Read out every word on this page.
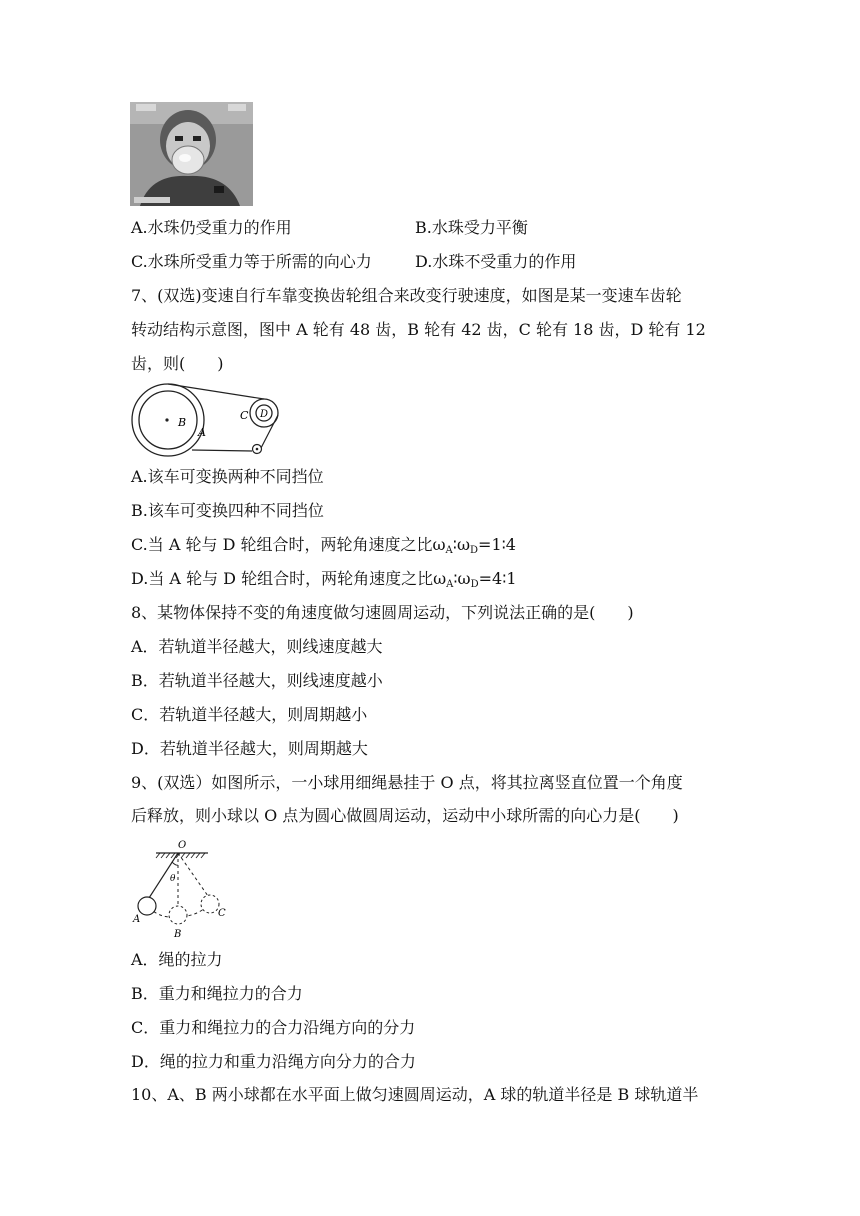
A.水珠仍受重力的作用	B.水珠受力平衡
C.水珠所受重力等于所需的向心力	D.水珠不受重力的作用
7、(双选)变速自行车靠变换齿轮组合来改变行驶速度，如图是某一变速车齿轮
转动结构示意图，图中 A 轮有 48 齿，B 轮有 42 齿，C 轮有 18 齿，D 轮有 12
齿，则(　　)
B
A
C D
A.该车可变换两种不同挡位
B.该车可变换四种不同挡位
C.当 A 轮与 D 轮组合时，两轮角速度之比ωA∶ωD=1∶4
D.当 A 轮与 D 轮组合时，两轮角速度之比ωA∶ωD=4∶1
8、某物体保持不变的角速度做匀速圆周运动，下列说法正确的是(　　)
A．若轨道半径越大，则线速度越大
B．若轨道半径越大，则线速度越小
C．若轨道半径越大，则周期越小
D．若轨道半径越大，则周期越大
9、(双选）如图所示，一小球用细绳悬挂于 O 点，将其拉离竖直位置一个角度
后释放，则小球以 O 点为圆心做圆周运动，运动中小球所需的向心力是(　　)
O
θ
A
B
C
A．绳的拉力
B．重力和绳拉力的合力
C．重力和绳拉力的合力沿绳方向的分力
D．绳的拉力和重力沿绳方向分力的合力
10、A、B 两小球都在水平面上做匀速圆周运动，A 球的轨道半径是 B 球轨道半
